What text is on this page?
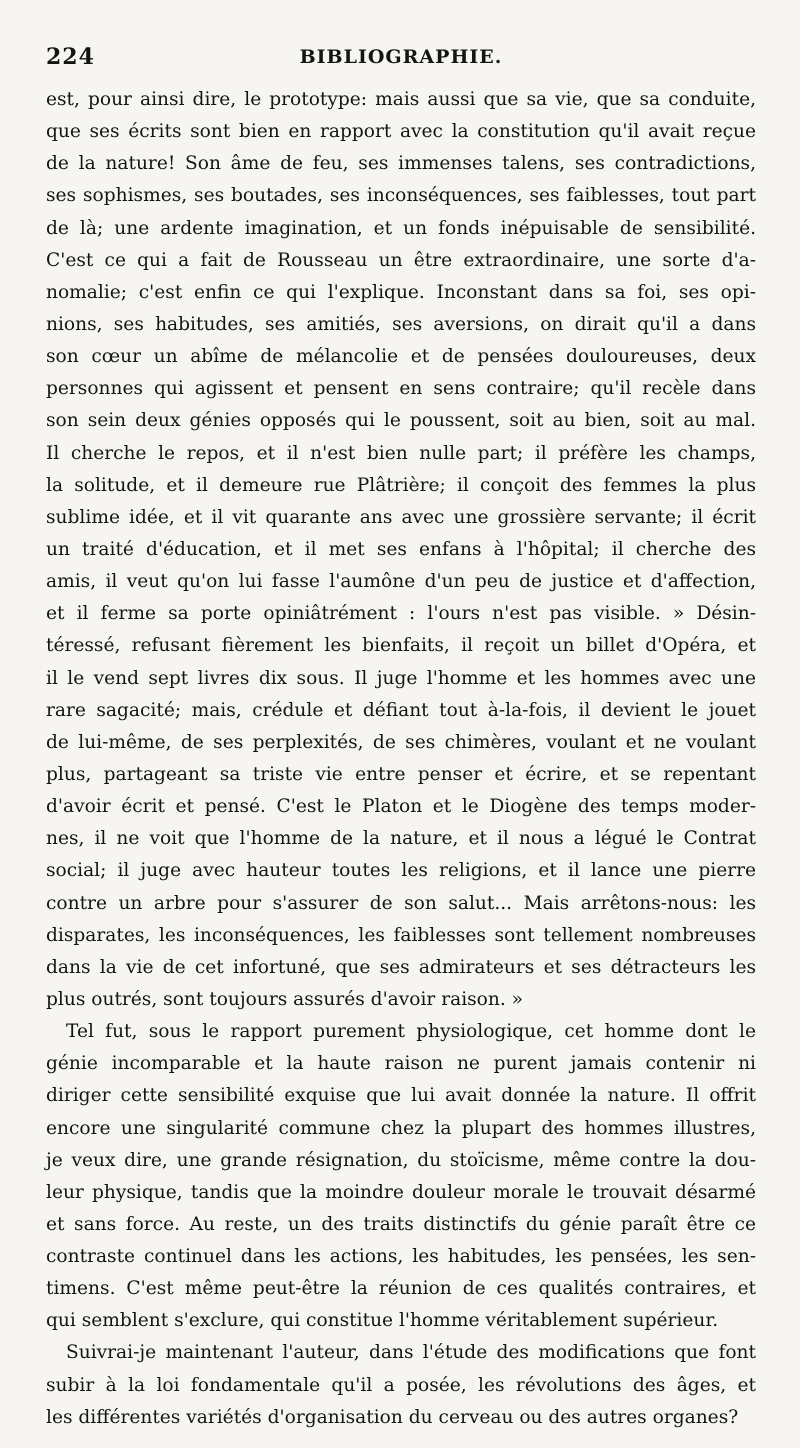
224	BIBLIOGRAPHIE.
est, pour ainsi dire, le prototype: mais aussi que sa vie, que sa conduite,
que ses écrits sont bien en rapport avec la constitution qu'il avait reçue
de la nature! Son âme de feu, ses immenses talens, ses contradictions,
ses sophismes, ses boutades, ses inconséquences, ses faiblesses, tout part
de là; une ardente imagination, et un fonds inépuisable de sensibilité.
C'est ce qui a fait de Rousseau un être extraordinaire, une sorte d'a-
nomalie; c'est enfin ce qui l'explique. Inconstant dans sa foi, ses opi-
nions, ses habitudes, ses amitiés, ses aversions, on dirait qu'il a dans
son cœur un abîme de mélancolie et de pensées douloureuses, deux
personnes qui agissent et pensent en sens contraire; qu'il recèle dans
son sein deux génies opposés qui le poussent, soit au bien, soit au mal.
Il cherche le repos, et il n'est bien nulle part; il préfère les champs,
la solitude, et il demeure rue Plâtrière; il conçoit des femmes la plus
sublime idée, et il vit quarante ans avec une grossière servante; il écrit
un traité d'éducation, et il met ses enfans à l'hôpital; il cherche des
amis, il veut qu'on lui fasse l'aumône d'un peu de justice et d'affection,
et il ferme sa porte opiniâtrément : l'ours n'est pas visible. » Désin-
téressé, refusant fièrement les bienfaits, il reçoit un billet d'Opéra, et
il le vend sept livres dix sous. Il juge l'homme et les hommes avec une
rare sagacité; mais, crédule et défiant tout à-la-fois, il devient le jouet
de lui-même, de ses perplexités, de ses chimères, voulant et ne voulant
plus, partageant sa triste vie entre penser et écrire, et se repentant
d'avoir écrit et pensé. C'est le Platon et le Diogène des temps moder-
nes, il ne voit que l'homme de la nature, et il nous a légué le Contrat
social; il juge avec hauteur toutes les religions, et il lance une pierre
contre un arbre pour s'assurer de son salut... Mais arrêtons-nous: les
disparates, les inconséquences, les faiblesses sont tellement nombreuses
dans la vie de cet infortuné, que ses admirateurs et ses détracteurs les
plus outrés, sont toujours assurés d'avoir raison. »
Tel fut, sous le rapport purement physiologique, cet homme dont le
génie incomparable et la haute raison ne purent jamais contenir ni
diriger cette sensibilité exquise que lui avait donnée la nature. Il offrit
encore une singularité commune chez la plupart des hommes illustres,
je veux dire, une grande résignation, du stoïcisme, même contre la dou-
leur physique, tandis que la moindre douleur morale le trouvait désarmé
et sans force. Au reste, un des traits distinctifs du génie paraît être ce
contraste continuel dans les actions, les habitudes, les pensées, les sen-
timens. C'est même peut-être la réunion de ces qualités contraires, et
qui semblent s'exclure, qui constitue l'homme véritablement supérieur.
Suivrai-je maintenant l'auteur, dans l'étude des modifications que font
subir à la loi fondamentale qu'il a posée, les révolutions des âges, et
les différentes variétés d'organisation du cerveau ou des autres organes?
